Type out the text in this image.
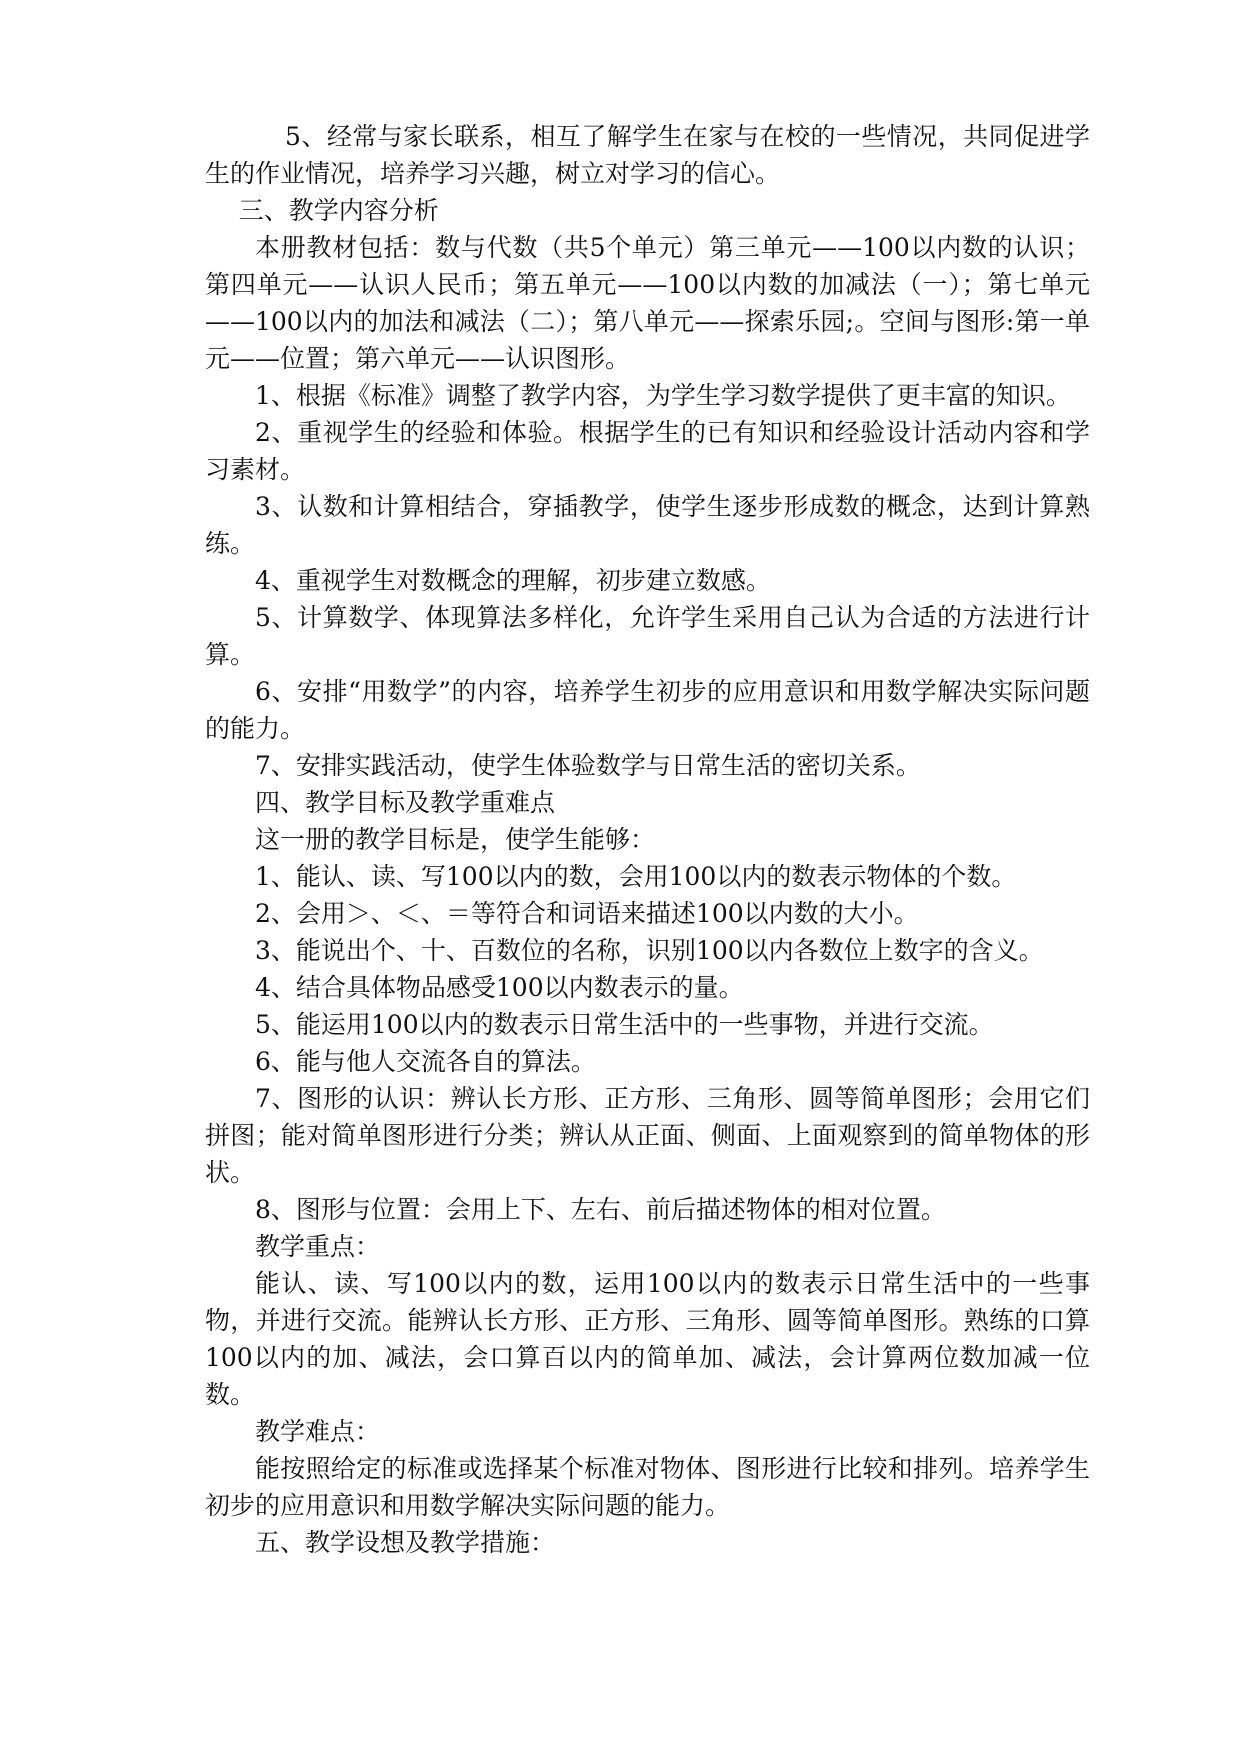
5、经常与家长联系，相互了解学生在家与在校的一些情况，共同促进学生的作业情况，培养学习兴趣，树立对学习的信心。

三、教学内容分析

本册教材包括：数与代数（共5个单元）第三单元——100以内数的认识；第四单元——认识人民币；第五单元——100以内数的加减法（一）；第七单元——100以内的加法和减法（二）；第八单元——探索乐园;。空间与图形:第一单元——位置；第六单元——认识图形。

1、根据《标准》调整了教学内容，为学生学习数学提供了更丰富的知识。

2、重视学生的经验和体验。根据学生的已有知识和经验设计活动内容和学习素材。

3、认数和计算相结合，穿插教学，使学生逐步形成数的概念，达到计算熟练。

4、重视学生对数概念的理解，初步建立数感。

5、计算数学、体现算法多样化，允许学生采用自己认为合适的方法进行计算。

6、安排“用数学”的内容，培养学生初步的应用意识和用数学解决实际问题的能力。

7、安排实践活动，使学生体验数学与日常生活的密切关系。

四、教学目标及教学重难点

这一册的教学目标是，使学生能够：

1、能认、读、写100以内的数，会用100以内的数表示物体的个数。

2、会用＞、＜、＝等符合和词语来描述100以内数的大小。

3、能说出个、十、百数位的名称，识别100以内各数位上数字的含义。

4、结合具体物品感受100以内数表示的量。

5、能运用100以内的数表示日常生活中的一些事物，并进行交流。

6、能与他人交流各自的算法。

7、图形的认识：辨认长方形、正方形、三角形、圆等简单图形；会用它们拼图；能对简单图形进行分类；辨认从正面、侧面、上面观察到的简单物体的形状。

8、图形与位置：会用上下、左右、前后描述物体的相对位置。

教学重点：

能认、读、写100以内的数，运用100以内的数表示日常生活中的一些事物，并进行交流。能辨认长方形、正方形、三角形、圆等简单图形。熟练的口算100以内的加、减法，会口算百以内的简单加、减法，会计算两位数加减一位数。

教学难点：

能按照给定的标准或选择某个标准对物体、图形进行比较和排列。培养学生初步的应用意识和用数学解决实际问题的能力。

五、教学设想及教学措施：
